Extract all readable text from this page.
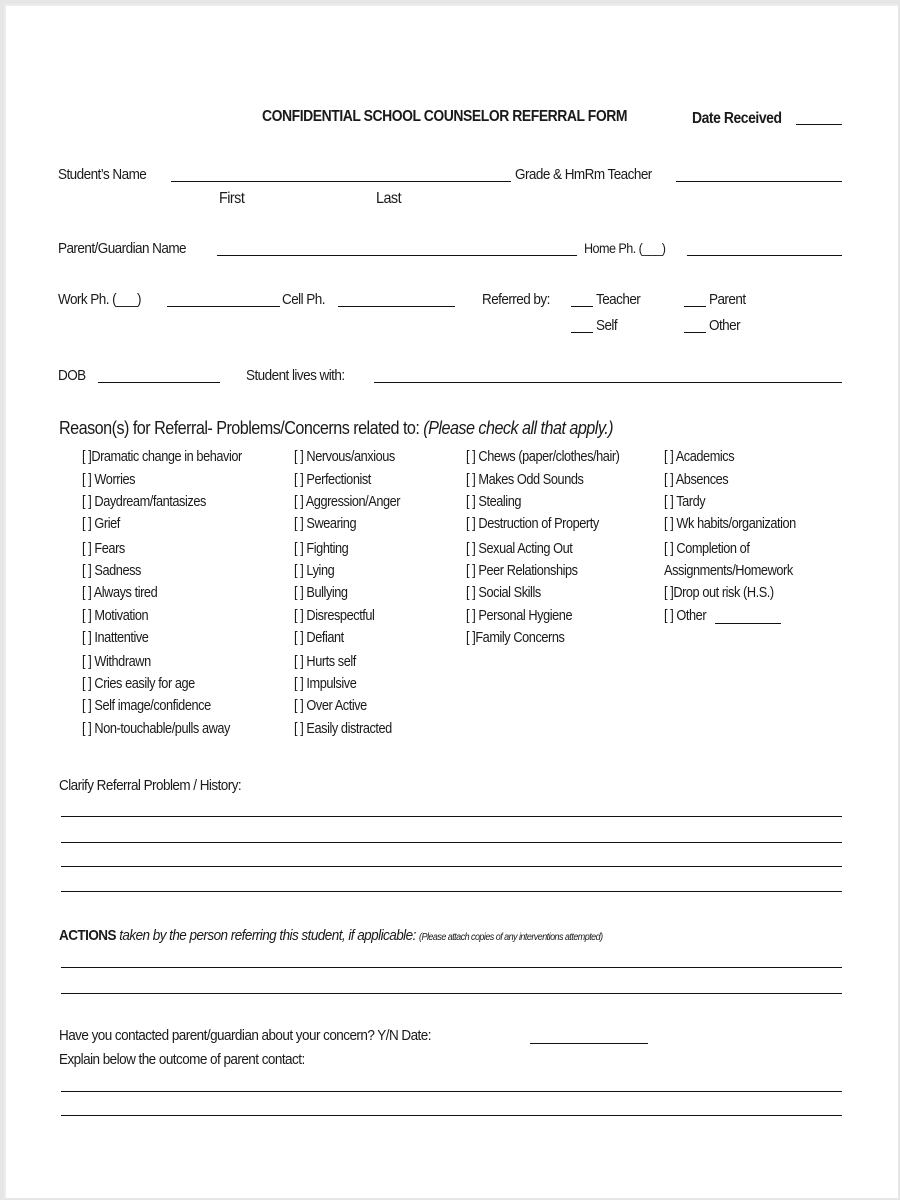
CONFIDENTIAL SCHOOL COUNSELOR REFERRAL FORM	Date Received
Student’s Name
First	Last
Grade & HmRm Teacher
Parent/Guardian Name	Home Ph. (___)
Work Ph. (___)	Cell Ph.	Referred by:	Teacher	Parent
Self	Other
DOB	Student lives with:
Reason(s) for Referral- Problems/Concerns related to: (Please check all that apply.)
[ ]Dramatic change in behavior
[ ] Worries
[ ] Daydream/fantasizes
[ ] Grief
[ ] Fears
[ ] Sadness
[ ] Always tired
[ ] Motivation
[ ] Inattentive
[ ] Withdrawn
[ ] Cries easily for age
[ ] Self image/confidence
[ ] Non-touchable/pulls away
[ ] Nervous/anxious
[ ] Perfectionist
[ ] Aggression/Anger
[ ] Swearing
[ ] Fighting
[ ] Lying
[ ] Bullying
[ ] Disrespectful
[ ] Defiant
[ ] Hurts self
[ ] Impulsive
[ ] Over Active
[ ] Easily distracted
[ ] Chews (paper/clothes/hair)
[ ] Makes Odd Sounds
[ ] Stealing
[ ] Destruction of Property
[ ] Sexual Acting Out
[ ] Peer Relationships
[ ] Social Skills
[ ] Personal Hygiene
[ ]Family Concerns
[ ] Academics
[ ] Absences
[ ] Tardy
[ ] Wk habits/organization
[ ] Completion of
Assignments/Homework
[ ]Drop out risk (H.S.)
[ ] Other
Clarify Referral Problem / History:
ACTIONS taken by the person referring this student, if applicable: (Please attach copies of any interventions attempted)
Have you contacted parent/guardian about your concern? Y/N Date:
Explain below the outcome of parent contact:
